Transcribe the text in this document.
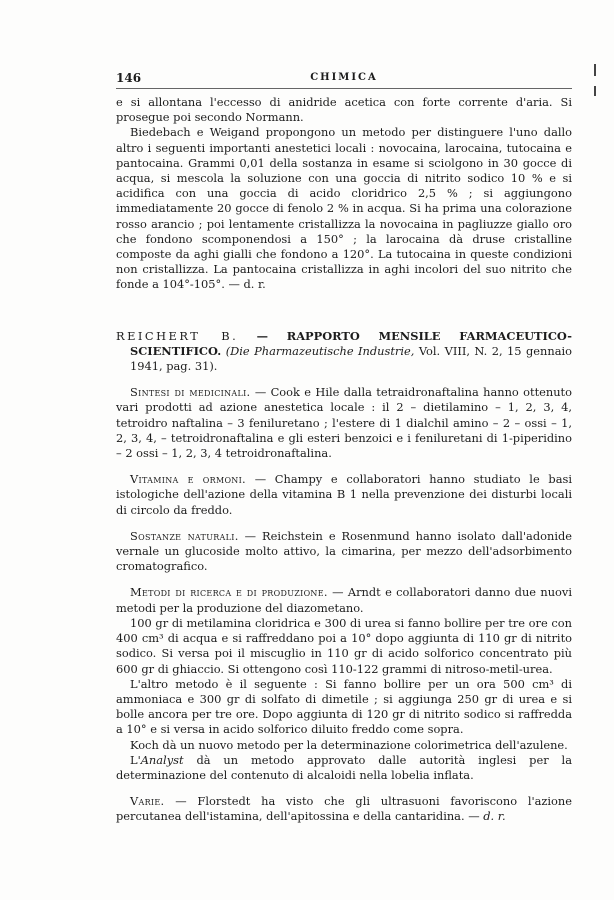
146	CHIMICA

e si allontana l'eccesso di anidride acetica con forte corrente d'aria. Si prosegue poi secondo Normann.

Biedebach e Weigand propongono un metodo per distinguere l'uno dallo altro i seguenti importanti anestetici locali : novocaina, larocaina, tutocaina e pantocaina. Grammi 0,01 della sostanza in esame si sciolgono in 30 gocce di acqua, si mescola la soluzione con una goccia di nitrito sodico 10 % e si acidifica con una goccia di acido cloridrico 2,5 % ; si aggiungono immediatamente 20 gocce di fenolo 2 % in acqua. Si ha prima una colorazione rosso arancio ; poi lentamente cristallizza la novocaina in pagliuzze giallo oro che fondono scomponendosi a 150° ; la larocaina dà druse cristalline composte da aghi gialli che fondono a 120°. La tutocaina in queste condizioni non cristallizza. La pantocaina cristallizza in aghi incolori del suo nitrito che fonde a 104°-105°. — d. r.

REICHERT B. — RAPPORTO MENSILE FARMACEUTICO-SCIENTIFICO. (Die Pharmazeutische Industrie, Vol. VIII, N. 2, 15 gennaio 1941, pag. 31).

Sintesi di medicinali. — Cook e Hile dalla tetraidronaftalina hanno ottenuto vari prodotti ad azione anestetica locale : il 2 – dietilamino – 1, 2, 3, 4, tetroidro naftalina – 3 feniluretano ; l'estere di 1 dialchil amino – 2 – ossi – 1, 2, 3, 4, – tetroidronaftalina e gli esteri benzoici e i feniluretani di 1-piperidino – 2 ossi – 1, 2, 3, 4 tetroidronaftalina.

Vitamina e ormoni. — Champy e collaboratori hanno studiato le basi istologiche dell'azione della vitamina B 1 nella prevenzione dei disturbi locali di circolo da freddo.

Sostanze naturali. — Reichstein e Rosenmund hanno isolato dall'adonide vernale un glucoside molto attivo, la cimarina, per mezzo dell'adsorbimento cromatografico.

Metodi di ricerca e di produzione. — Arndt e collaboratori danno due nuovi metodi per la produzione del diazometano.

100 gr di metilamina cloridrica e 300 di urea si fanno bollire per tre ore con 400 cm³ di acqua e si raffreddano poi a 10° dopo aggiunta di 110 gr di nitrito sodico. Si versa poi il miscuglio in 110 gr di acido solforico concentrato più 600 gr di ghiaccio. Si ottengono così 110-122 grammi di nitroso-metil-urea.

L'altro metodo è il seguente : Si fanno bollire per un ora 500 cm³ di ammoniaca e 300 gr di solfato di dimetile ; si aggiunga 250 gr di urea e si bolle ancora per tre ore. Dopo aggiunta di 120 gr di nitrito sodico si raffredda a 10° e si versa in acido solforico diluito freddo come sopra.

Koch dà un nuovo metodo per la determinazione colorimetrica dell'azulene.

L'Analyst dà un metodo approvato dalle autorità inglesi per la determinazione del contenuto di alcaloidi nella lobelia inflata.

Varie. — Florstedt ha visto che gli ultrasuoni favoriscono l'azione percutanea dell'istamina, dell'apitossina e della cantaridina. — d. r.
